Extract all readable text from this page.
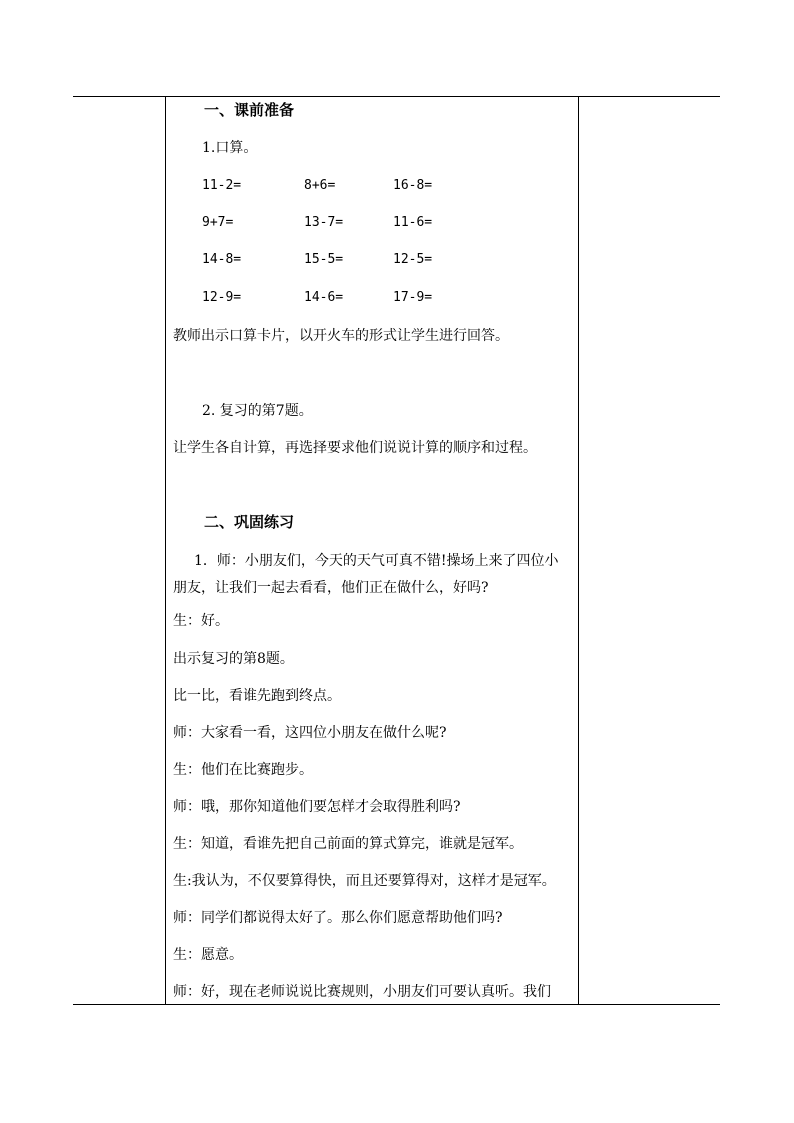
一、课前准备
1.口算。
11-2=	8+6=	16-8=
9+7=	13-7=	11-6=
14-8=	15-5=	12-5=
12-9=	14-6=	17-9=
教师出示口算卡片，以开火车的形式让学生进行回答。
2. 复习的第7题。
让学生各自计算，再选择要求他们说说计算的顺序和过程。
二、巩固练习
1．师：小朋友们，今天的天气可真不错!操场上来了四位小
朋友，让我们一起去看看，他们正在做什么，好吗?
生：好。
出示复习的第8题。
比一比，看谁先跑到终点。
师：大家看一看，这四位小朋友在做什么呢?
生：他们在比赛跑步。
师：哦，那你知道他们要怎样才会取得胜利吗?
生：知道，看谁先把自己前面的算式算完，谁就是冠军。
生:我认为，不仅要算得快，而且还要算得对，这样才是冠军。
师：同学们都说得太好了。那么你们愿意帮助他们吗?
生：愿意。
师：好，现在老师说说比赛规则，小朋友们可要认真听。我们
